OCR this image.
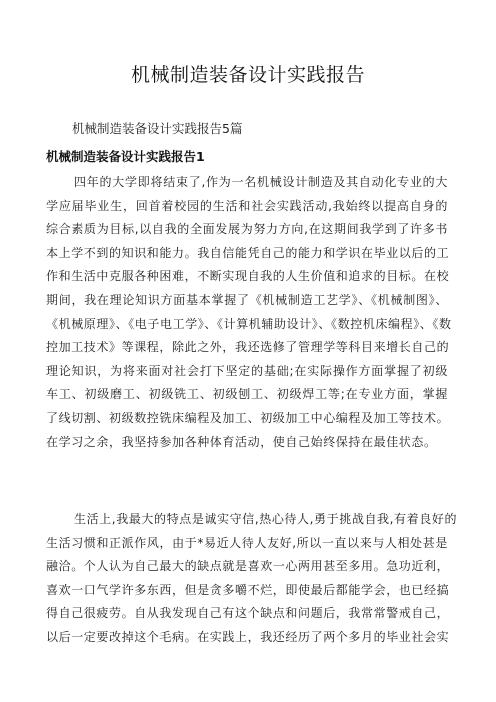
机械制造装备设计实践报告
机械制造装备设计实践报告5篇
机械制造装备设计实践报告1
四年的大学即将结束了,作为一名机械设计制造及其自动化专业的大
学应届毕业生，回首着校园的生活和社会实践活动,我始终以提高自身的
综合素质为目标,以自我的全面发展为努力方向,在这期间我学到了许多书
本上学不到的知识和能力。我自信能凭自己的能力和学识在毕业以后的工
作和生活中克服各种困难，不断实现自我的人生价值和追求的目标。在校
期间，我在理论知识方面基本掌握了《机械制造工艺学》、《机械制图》、
《机械原理》、《电子电工学》、《计算机辅助设计》、《数控机床编程》、《数
控加工技术》等课程，除此之外，我还选修了管理学等科目来增长自己的
理论知识，为将来面对社会打下坚定的基础;在实际操作方面掌握了初级
车工、初级磨工、初级铣工、初级刨工、初级焊工等;在专业方面，掌握
了线切割、初级数控铣床编程及加工、初级加工中心编程及加工等技术。
在学习之余，我坚持参加各种体育活动，使自己始终保持在最佳状态。
生活上,我最大的特点是诚实守信,热心待人,勇于挑战自我,有着良好的
生活习惯和正派作风，由于*易近人待人友好,所以一直以来与人相处甚是
融洽。个人认为自己最大的缺点就是喜欢一心两用甚至多用。急功近利，
喜欢一口气学许多东西，但是贪多嚼不烂，即使最后都能学会，也已经搞
得自己很疲劳。自从我发现自己有这个缺点和问题后，我常常警戒自己，
以后一定要改掉这个毛病。在实践上，我还经历了两个多月的毕业社会实
